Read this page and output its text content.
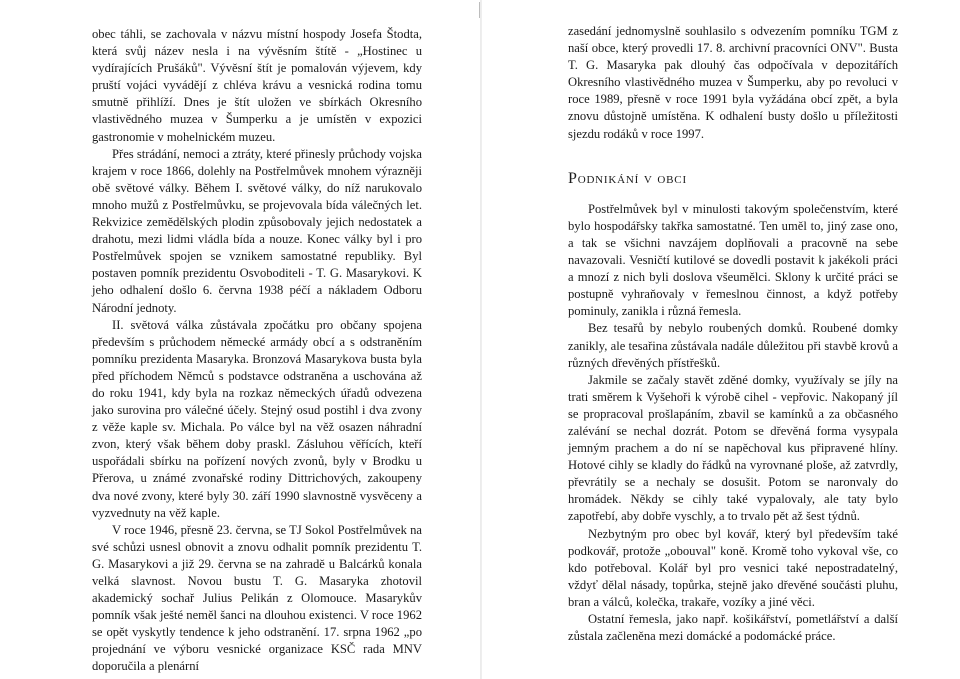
obec táhli, se zachovala v názvu místní hospody Josefa Štodta, která svůj název nesla i na vývěsním štítě - „Hostinec u vydírajících Prušáků". Vývěsní štít je pomalován výjevem, kdy pruští vojáci vyvádějí z chléva krávu a vesnická rodina tomu smutně přihlíží. Dnes je štít uložen ve sbírkách Okresního vlastivědného muzea v Šumperku a je umístěn v expozici gastronomie v mohelnickém muzeu.

Přes strádání, nemoci a ztráty, které přinesly průchody vojska krajem v roce 1866, dolehly na Postřelmůvek mnohem výrazněji obě světové války. Během I. světové války, do níž narukovalo mnoho mužů z Postřelmůvku, se projevovala bída válečných let. Rekvizice zemědělských plodin způsobovaly jejich nedostatek a drahotu, mezi lidmi vládla bída a nouze. Konec války byl i pro Postřelmůvek spojen se vznikem samostatné republiky. Byl postaven pomník prezidentu Osvoboditeli - T. G. Masarykovi. K jeho odhalení došlo 6. června 1938 péčí a nákladem Odboru Národní jednoty.

II. světová válka zůstávala zpočátku pro občany spojena především s průchodem německé armády obcí a s odstraněním pomníku prezidenta Masaryka. Bronzová Masarykova busta byla před příchodem Němců s podstavce odstraněna a uschována až do roku 1941, kdy byla na rozkaz německých úřadů odvezena jako surovina pro válečné účely. Stejný osud postihl i dva zvony z věže kaple sv. Michala. Po válce byl na věž osazen náhradní zvon, který však během doby praskl. Zásluhou věřících, kteří uspořádali sbírku na pořízení nových zvonů, byly v Brodku u Přerova, u známé zvonařské rodiny Dittrichových, zakoupeny dva nové zvony, které byly 30. září 1990 slavnostně vysvěceny a vyzvednuty na věž kaple.

V roce 1946, přesně 23. června, se TJ Sokol Postřelmůvek na své schůzi usnesl obnovit a znovu odhalit pomník prezidentu T. G. Masarykovi a již 29. června se na zahradě u Balcárků konala velká slavnost. Novou bustu T. G. Masaryka zhotovil akademický sochař Julius Pelikán z Olomouce. Masarykův pomník však ješté neměl šanci na dlouhou existenci. V roce 1962 se opět vyskytly tendence k jeho odstranění. 17. srpna 1962 „po projednání ve výboru vesnické organizace KSČ rada MNV doporučila a plenární

zasedání jednomyslně souhlasilo s odvezením pomníku TGM z naší obce, který provedli 17. 8. archivní pracovníci ONV". Busta T. G. Masaryka pak dlouhý čas odpočívala v depozitářích Okresního vlastivědného muzea v Šumperku, aby po revoluci v roce 1989, přesně v roce 1991 byla vyžádána obcí zpět, a byla znovu důstojně umístěna. K odhalení busty došlo u příležitosti sjezdu rodáků v roce 1997.

Podnikání v obci

Postřelmůvek byl v minulosti takovým společenstvím, které bylo hospodářsky takřka samostatné. Ten uměl to, jiný zase ono, a tak se všichni navzájem doplňovali a pracovně na sebe navazovali. Vesničtí kutilové se dovedli postavit k jakékoli práci a mnozí z nich byli doslova všeumělci. Sklony k určité práci se postupně vyhraňovaly v řemeslnou činnost, a když potřeby pominuly, zanikla i různá řemesla.

Bez tesařů by nebylo roubených domků. Roubené domky zanikly, ale tesařina zůstávala nadále důležitou při stavbě krovů a různých dřevěných přístřešků.

Jakmile se začaly stavět zděné domky, využívaly se jíly na trati směrem k Vyšehoři k výrobě cihel - vepřovic. Nakopaný jíl se propracoval prošlapáním, zbavil se kamínků a za občasného zalévání se nechal dozrát. Potom se dřevěná forma vysypala jemným prachem a do ní se napěchoval kus připravené hlíny. Hotové cihly se kladly do řádků na vyrovnané ploše, až zatvrdly, převrátily se a nechaly se dosušit. Potom se naronvaly do hromádek. Někdy se cihly také vypalovaly, ale taty bylo zapotřebí, aby dobře vyschly, a to trvalo pět až šest týdnů.

Nezbytným pro obec byl kovář, který byl především také podkovář, protože „obouval" koně. Kromě toho vykoval vše, co kdo potřeboval. Kolář byl pro vesnici také nepostradatelný, vždyť dělal násady, topůrka, stejně jako dřevěné součásti pluhu, bran a válců, kolečka, trakaře, vozíky a jiné věci.

Ostatní řemesla, jako např. košikářství, pometlářství a další zůstala začleněna mezi domácké a podomácké práce.
